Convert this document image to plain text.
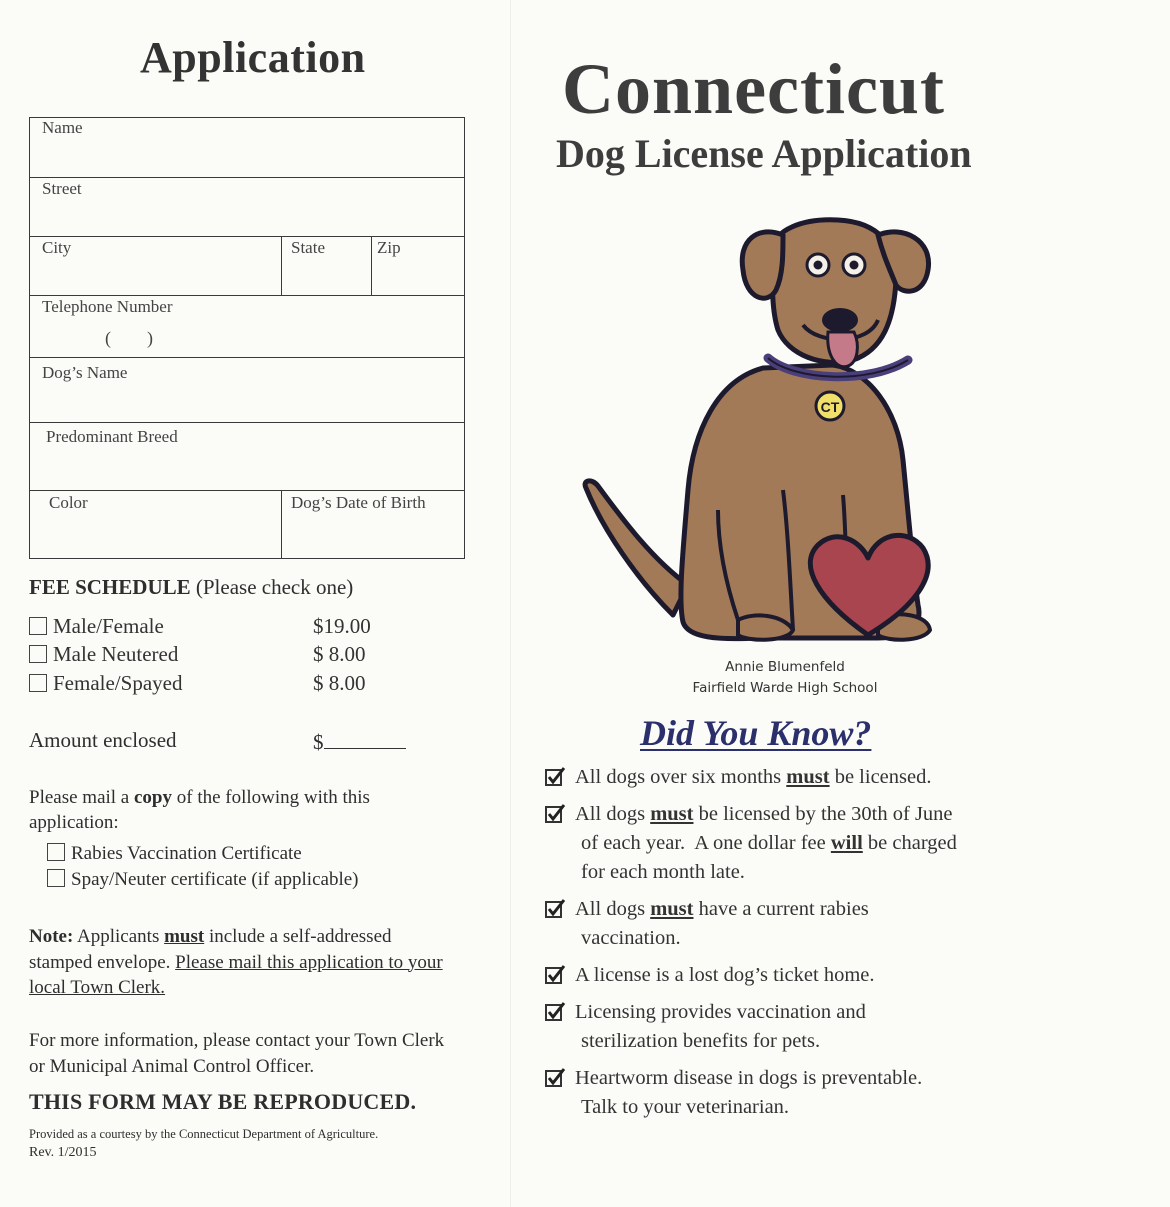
Application
Name
Street
City	State	Zip
Telephone Number
(        )
Dog’s Name
Predominant Breed
Color	Dog’s Date of Birth
FEE SCHEDULE (Please check one)
Male/Female	$19.00
Male Neutered	$ 8.00
Female/Spayed	$ 8.00
Amount enclosed	$
Please mail a copy of the following with this application:
Rabies Vaccination Certificate
Spay/Neuter certificate (if applicable)
Note: Applicants must include a self-addressed stamped envelope. Please mail this application to your local Town Clerk.
For more information, please contact your Town Clerk or Municipal Animal Control Officer.
THIS FORM MAY BE REPRODUCED.
Provided as a courtesy by the Connecticut Department of Agriculture.
Rev. 1/2015
Connecticut
Dog License Application
CT
Annie Blumenfeld
Fairfield Warde High School
Did You Know?
All dogs over six months must be licensed.
All dogs must be licensed by the 30th of June
of each year.  A one dollar fee will be charged
for each month late.
All dogs must have a current rabies
vaccination.
A license is a lost dog’s ticket home.
Licensing provides vaccination and
sterilization benefits for pets.
Heartworm disease in dogs is preventable.
Talk to your veterinarian.
